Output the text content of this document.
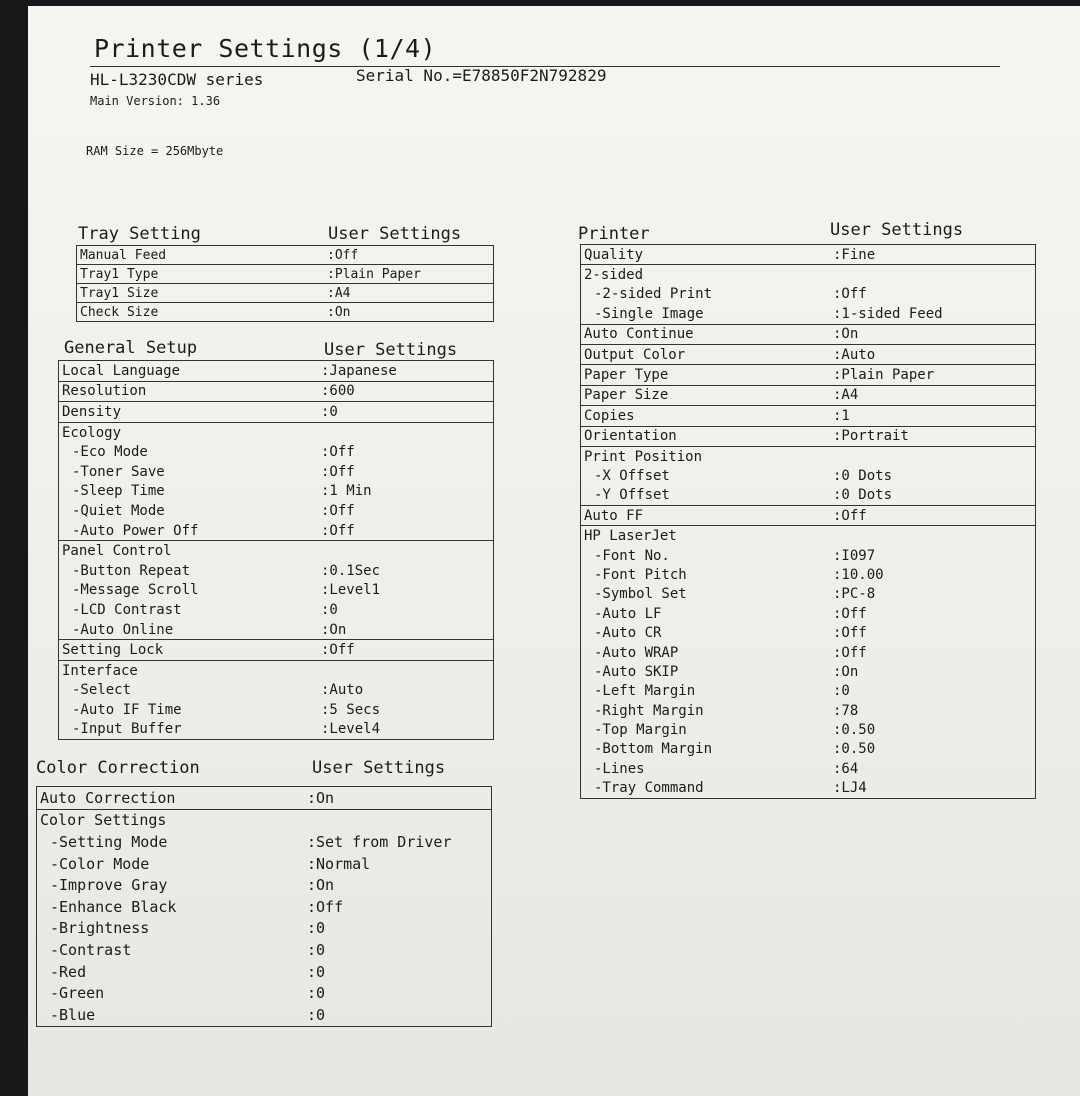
Printer Settings (1/4)
HL-L3230CDW series	Serial No.=E78850F2N792829
Main Version: 1.36
RAM Size = 256Mbyte
Tray Setting	User Settings
Manual Feed	:Off
Tray1 Type	:Plain Paper
Tray1 Size	:A4
Check Size	:On
General Setup	User Settings
Local Language	:Japanese
Resolution	:600
Density	:0
Ecology
-Eco Mode	:Off
-Toner Save	:Off
-Sleep Time	:1 Min
-Quiet Mode	:Off
-Auto Power Off	:Off
Panel Control
-Button Repeat	:0.1Sec
-Message Scroll	:Level1
-LCD Contrast	:0
-Auto Online	:On
Setting Lock	:Off
Interface
-Select	:Auto
-Auto IF Time	:5 Secs
-Input Buffer	:Level4
Color Correction	User Settings
Auto Correction	:On
Color Settings
-Setting Mode	:Set from Driver
-Color Mode	:Normal
-Improve Gray	:On
-Enhance Black	:Off
-Brightness	:0
-Contrast	:0
-Red	:0
-Green	:0
-Blue	:0
Printer	User Settings
Quality	:Fine
2-sided
-2-sided Print	:Off
-Single Image	:1-sided Feed
Auto Continue	:On
Output Color	:Auto
Paper Type	:Plain Paper
Paper Size	:A4
Copies	:1
Orientation	:Portrait
Print Position
-X Offset	:0 Dots
-Y Offset	:0 Dots
Auto FF	:Off
HP LaserJet
-Font No.	:I097
-Font Pitch	:10.00
-Symbol Set	:PC-8
-Auto LF	:Off
-Auto CR	:Off
-Auto WRAP	:Off
-Auto SKIP	:On
-Left Margin	:0
-Right Margin	:78
-Top Margin	:0.50
-Bottom Margin	:0.50
-Lines	:64
-Tray Command	:LJ4
